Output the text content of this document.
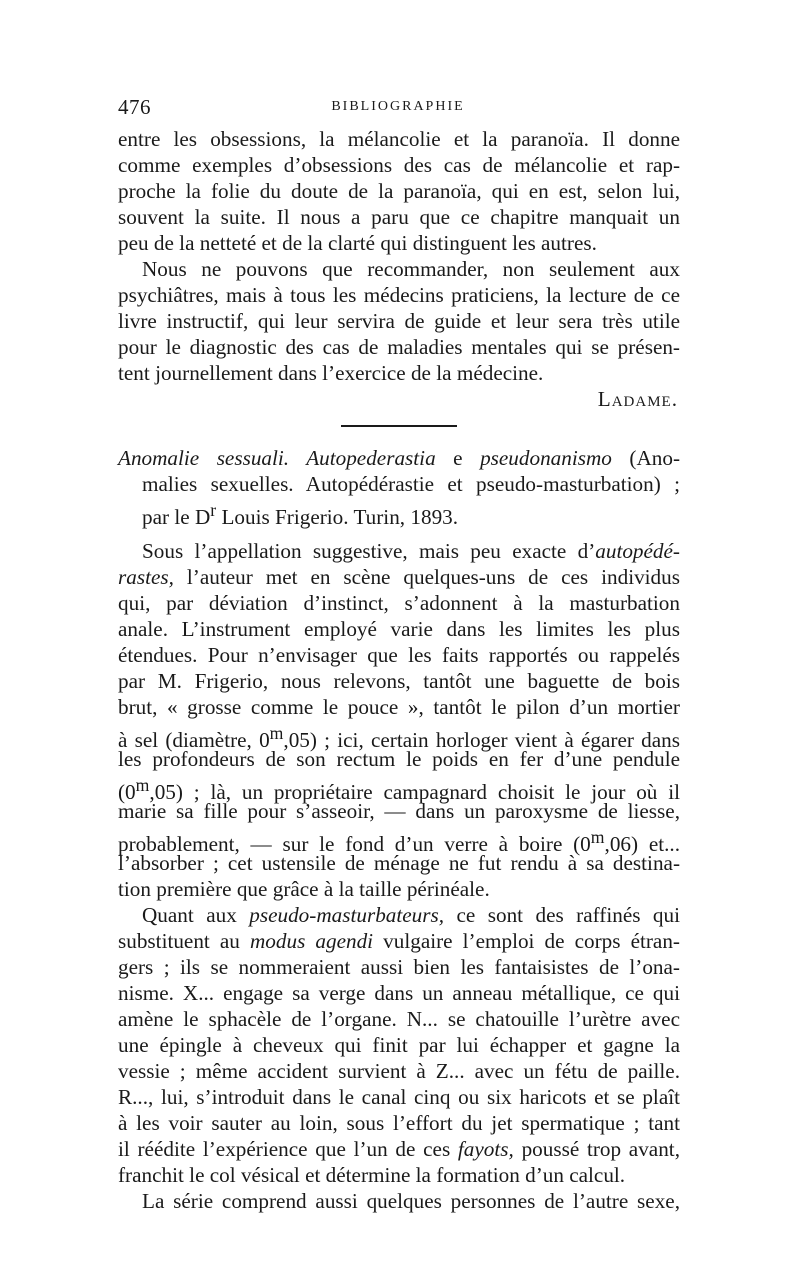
476	BIBLIOGRAPHIE
entre les obsessions, la mélancolie et la paranoïa. Il donne
comme exemples d’obsessions des cas de mélancolie et rap-
proche la folie du doute de la paranoïa, qui en est, selon lui,
souvent la suite. Il nous a paru que ce chapitre manquait un
peu de la netteté et de la clarté qui distinguent les autres.
Nous ne pouvons que recommander, non seulement aux
psychiâtres, mais à tous les médecins praticiens, la lecture de ce
livre instructif, qui leur servira de guide et leur sera très utile
pour le diagnostic des cas de maladies mentales qui se présen-
tent journellement dans l’exercice de la médecine.
Ladame.
Anomalie sessuali. Autopederastia e pseudonanismo (Ano-
malies sexuelles. Autopédérastie et pseudo-masturbation) ;
par le $D^r$ Louis Frigerio. Turin, 1893.
Sous l’appellation suggestive, mais peu exacte d’autopédé-
rastes, l’auteur met en scène quelques-uns de ces individus
qui, par déviation d’instinct, s’adonnent à la masturbation
anale. L’instrument employé varie dans les limites les plus
étendues. Pour n’envisager que les faits rapportés ou rappelés
par M. Frigerio, nous relevons, tantôt une baguette de bois
brut, « grosse comme le pouce », tantôt le pilon d’un mortier
à sel (diamètre, 0$^m$,05) ; ici, certain horloger vient à égarer dans
les profondeurs de son rectum le poids en fer d’une pendule
(0$^m$,05) ; là, un propriétaire campagnard choisit le jour où il
marie sa fille pour s’asseoir, — dans un paroxysme de liesse,
probablement, — sur le fond d’un verre à boire (0$^m$,06) et...
l’absorber ; cet ustensile de ménage ne fut rendu à sa destina-
tion première que grâce à la taille périnéale.
Quant aux pseudo-masturbateurs, ce sont des raffinés qui
substituent au modus agendi vulgaire l’emploi de corps étran-
gers ; ils se nommeraient aussi bien les fantaisistes de l’ona-
nisme. X... engage sa verge dans un anneau métallique, ce qui
amène le sphacèle de l’organe. N... se chatouille l’urètre avec
une épingle à cheveux qui finit par lui échapper et gagne la
vessie ; même accident survient à Z... avec un fétu de paille.
R..., lui, s’introduit dans le canal cinq ou six haricots et se plaît
à les voir sauter au loin, sous l’effort du jet spermatique ; tant
il réédite l’expérience que l’un de ces fayots, poussé trop avant,
franchit le col vésical et détermine la formation d’un calcul.
La série comprend aussi quelques personnes de l’autre sexe,
